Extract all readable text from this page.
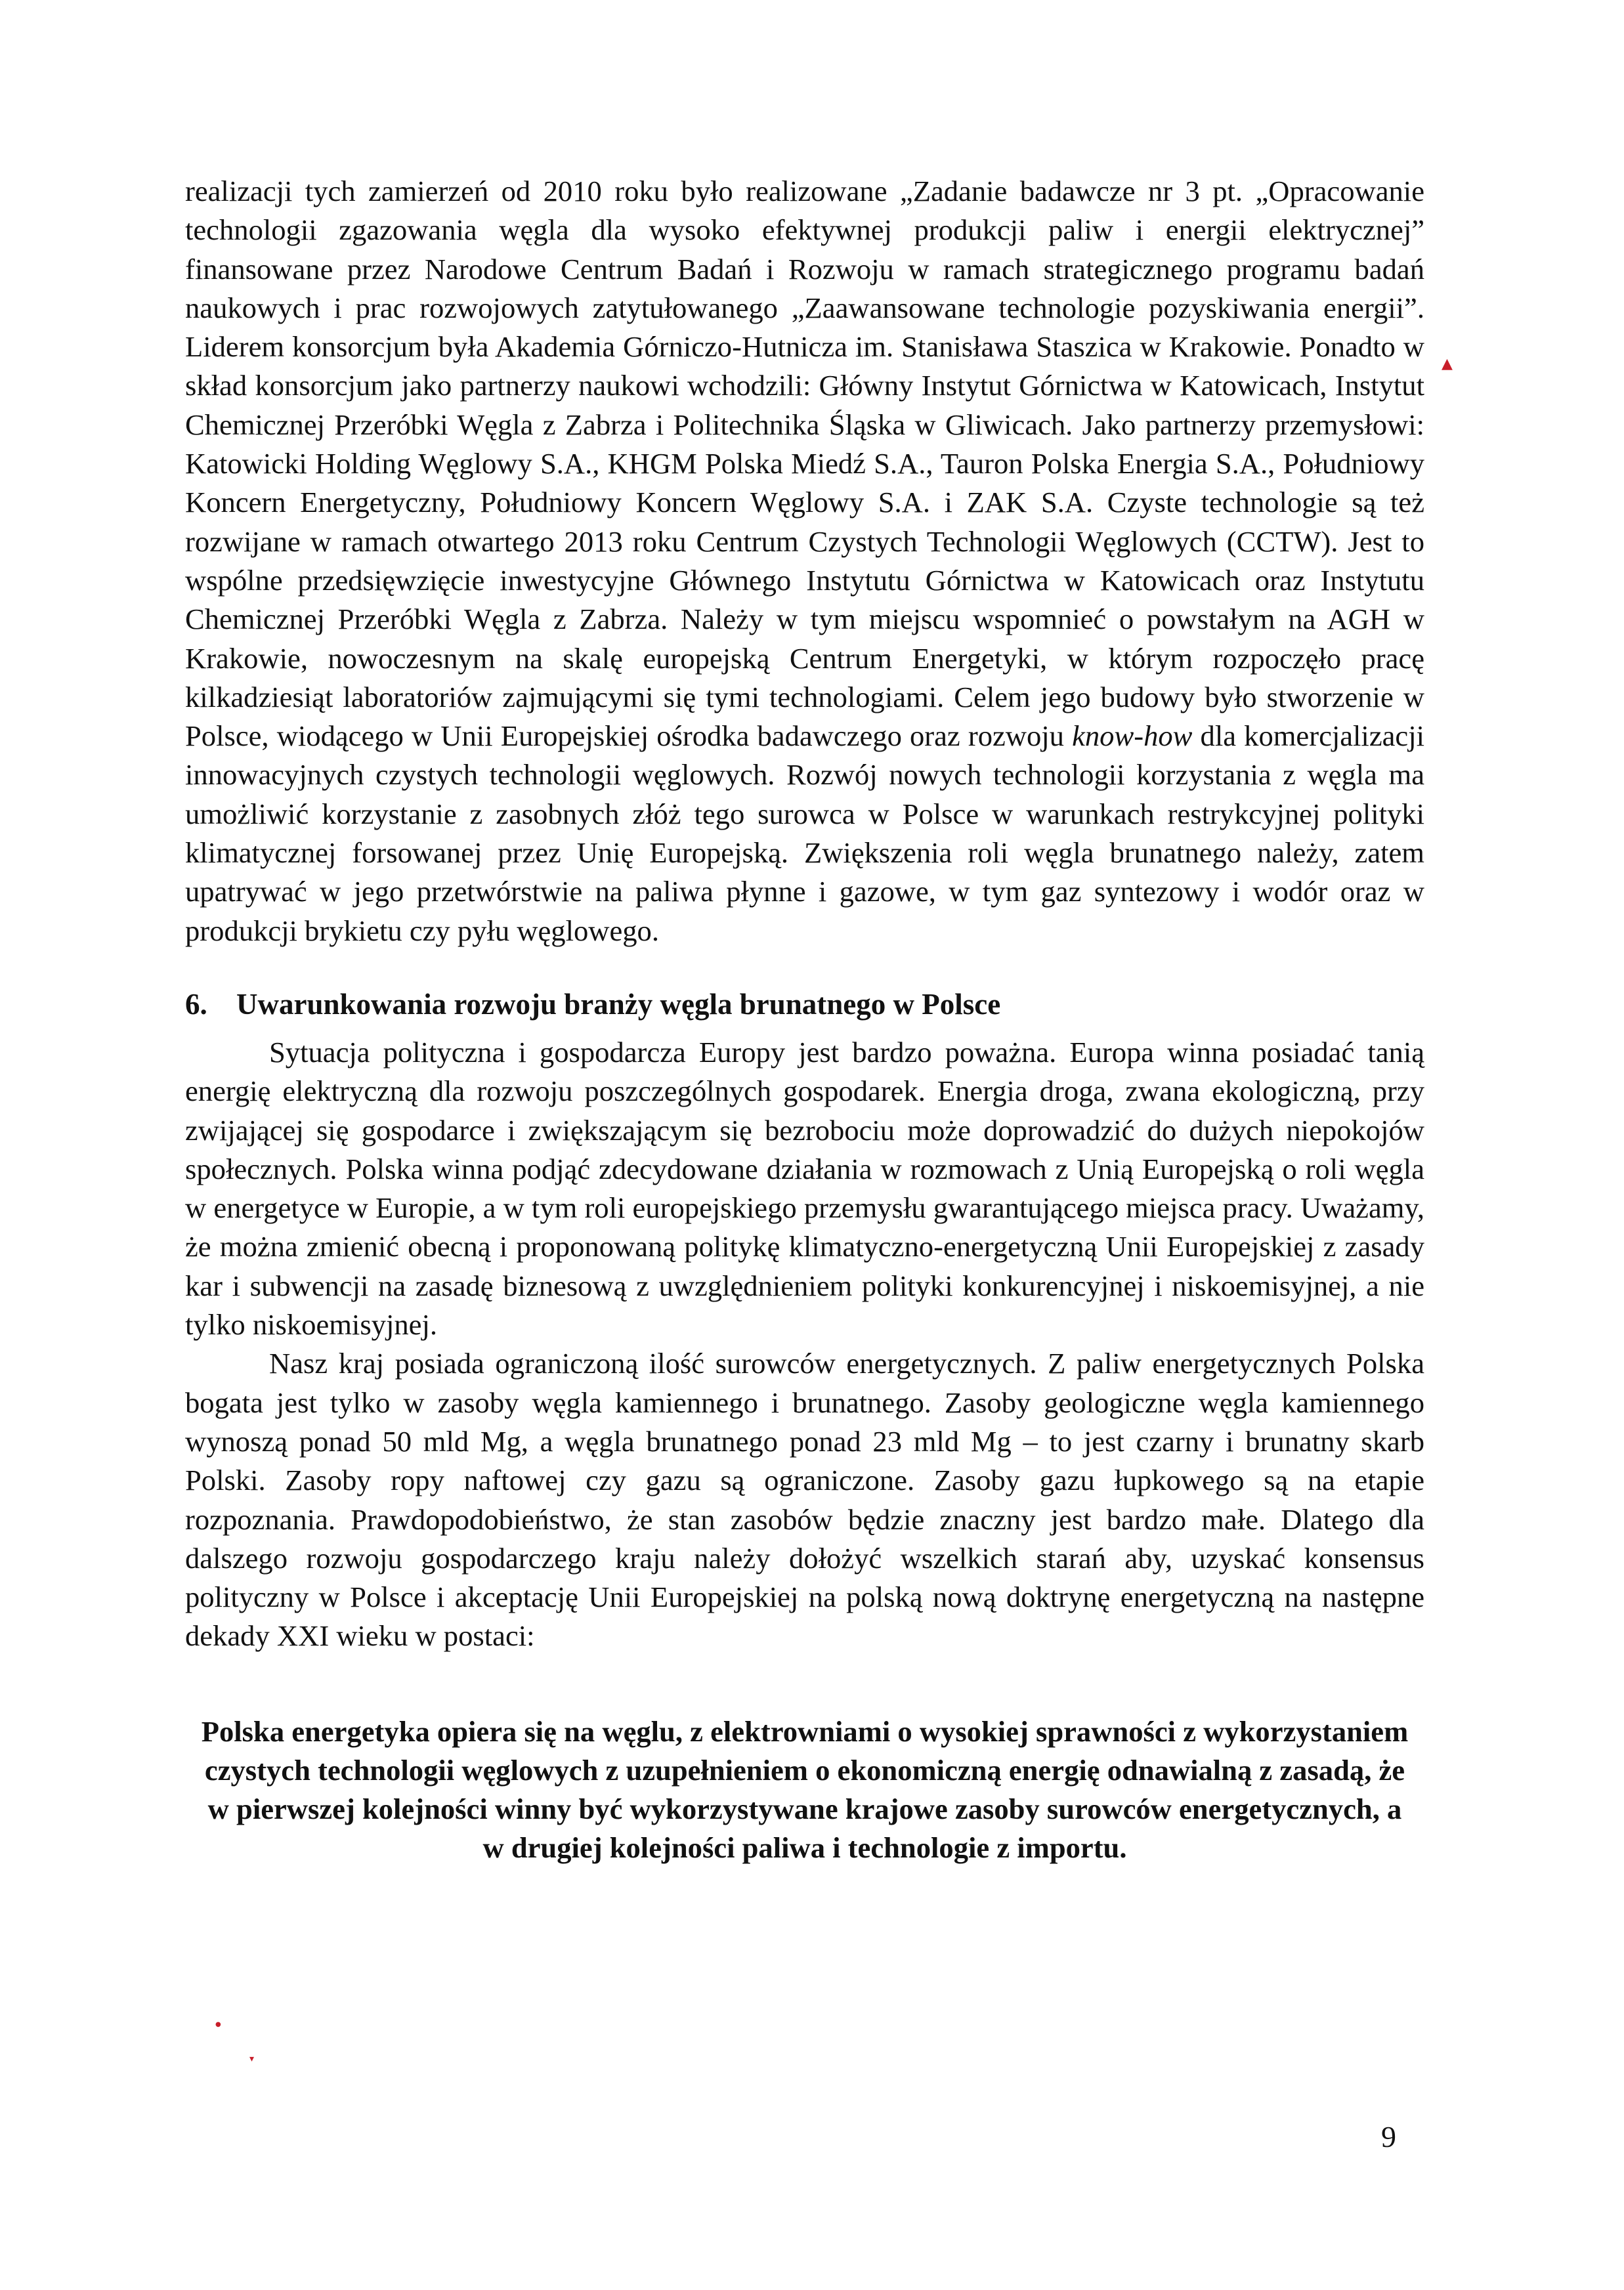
realizacji tych zamierzeń od 2010 roku było realizowane „Zadanie badawcze nr 3 pt. „Opracowanie technologii zgazowania węgla dla wysoko efektywnej produkcji paliw i energii elektrycznej” finansowane przez Narodowe Centrum Badań i Rozwoju w ramach strategicznego programu badań naukowych i prac rozwojowych zatytułowanego „Zaawansowane technologie pozyskiwania energii”. Liderem konsorcjum była Akademia Górniczo-Hutnicza im. Stanisława Staszica w Krakowie. Ponadto w skład konsorcjum jako partnerzy naukowi wchodzili: Główny Instytut Górnictwa w Katowicach, Instytut Chemicznej Przeróbki Węgla z Zabrza i Politechnika Śląska w Gliwicach. Jako partnerzy przemysłowi: Katowicki Holding Węglowy S.A., KHGM Polska Miedź S.A., Tauron Polska Energia S.A., Południowy Koncern Energetyczny, Południowy Koncern Węglowy S.A. i ZAK S.A. Czyste technologie są też rozwijane w ramach otwartego 2013 roku Centrum Czystych Technologii Węglowych (CCTW). Jest to wspólne przedsięwzięcie inwestycyjne Głównego Instytutu Górnictwa w Katowicach oraz Instytutu Chemicznej Przeróbki Węgla z Zabrza. Należy w tym miejscu wspomnieć o powstałym na AGH w Krakowie, nowoczesnym na skalę europejską Centrum Energetyki, w którym rozpoczęło pracę kilkadziesiąt laboratoriów zajmującymi się tymi technologiami. Celem jego budowy było stworzenie w Polsce, wiodącego w Unii Europejskiej ośrodka badawczego oraz rozwoju know-how dla komercjalizacji innowacyjnych czystych technologii węglowych. Rozwój nowych technologii korzystania z węgla ma umożliwić korzystanie z zasobnych złóż tego surowca w Polsce w warunkach restrykcyjnej polityki klimatycznej forsowanej przez Unię Europejską. Zwiększenia roli węgla brunatnego należy, zatem upatrywać w jego przetwórstwie na paliwa płynne i gazowe, w tym gaz syntezowy i wodór oraz w produkcji brykietu czy pyłu węglowego.

6. Uwarunkowania rozwoju branży węgla brunatnego w Polsce

Sytuacja polityczna i gospodarcza Europy jest bardzo poważna. Europa winna posiadać tanią energię elektryczną dla rozwoju poszczególnych gospodarek. Energia droga, zwana ekologiczną, przy zwijającej się gospodarce i zwiększającym się bezrobociu może doprowadzić do dużych niepokojów społecznych. Polska winna podjąć zdecydowane działania w rozmowach z Unią Europejską o roli węgla w energetyce w Europie, a w tym roli europejskiego przemysłu gwarantującego miejsca pracy. Uważamy, że można zmienić obecną i proponowaną politykę klimatyczno-energetyczną Unii Europejskiej z zasady kar i subwencji na zasadę biznesową z uwzględnieniem polityki konkurencyjnej i niskoemisyjnej, a nie tylko niskoemisyjnej.

Nasz kraj posiada ograniczoną ilość surowców energetycznych. Z paliw energetycznych Polska bogata jest tylko w zasoby węgla kamiennego i brunatnego. Zasoby geologiczne węgla kamiennego wynoszą ponad 50 mld Mg, a węgla brunatnego ponad 23 mld Mg – to jest czarny i brunatny skarb Polski. Zasoby ropy naftowej czy gazu są ograniczone. Zasoby gazu łupkowego są na etapie rozpoznania. Prawdopodobieństwo, że stan zasobów będzie znaczny jest bardzo małe. Dlatego dla dalszego rozwoju gospodarczego kraju należy dołożyć wszelkich starań aby, uzyskać konsensus polityczny w Polsce i akceptację Unii Europejskiej na polską nową doktrynę energetyczną na następne dekady XXI wieku w postaci:

Polska energetyka opiera się na węglu, z elektrowniami o wysokiej sprawności z wykorzystaniem czystych technologii węglowych z uzupełnieniem o ekonomiczną energię odnawialną z zasadą, że w pierwszej kolejności winny być wykorzystywane krajowe zasoby surowców energetycznych, a w drugiej kolejności paliwa i technologie z importu.

9
▲
●
▾
